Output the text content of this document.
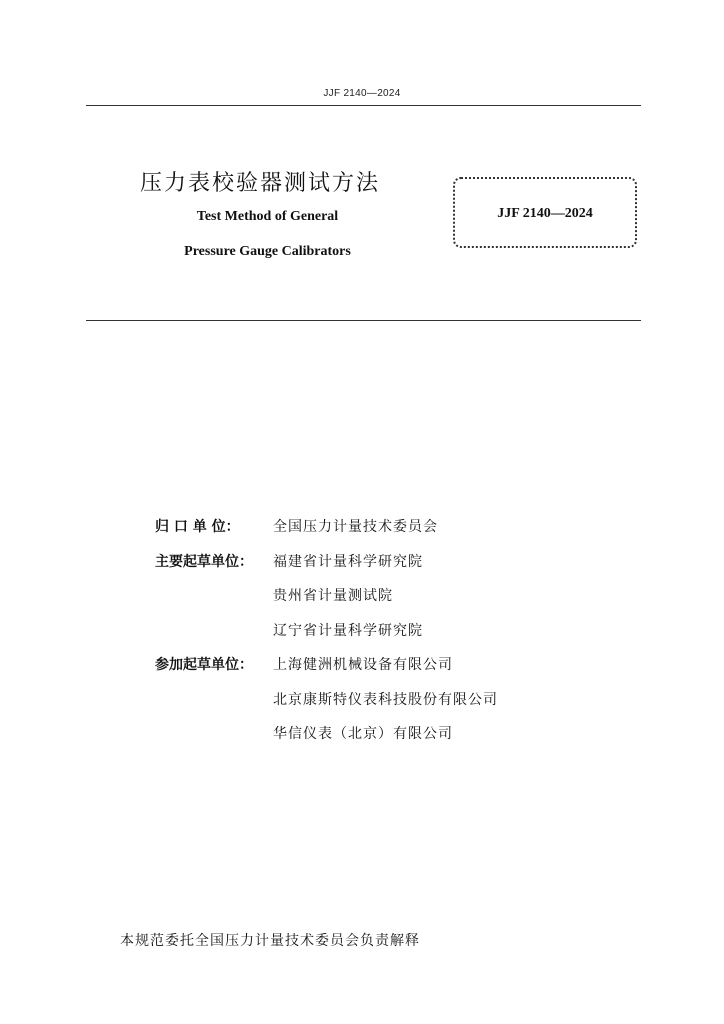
JJF 2140—2024
压力表校验器测试方法
Test Method of General
Pressure Gauge Calibrators
JJF 2140—2024
归 口 单 位：	全国压力计量技术委员会
主要起草单位：	福建省计量科学研究院
贵州省计量测试院
辽宁省计量科学研究院
参加起草单位：	上海健洲机械设备有限公司
北京康斯特仪表科技股份有限公司
华信仪表（北京）有限公司
本规范委托全国压力计量技术委员会负责解释
